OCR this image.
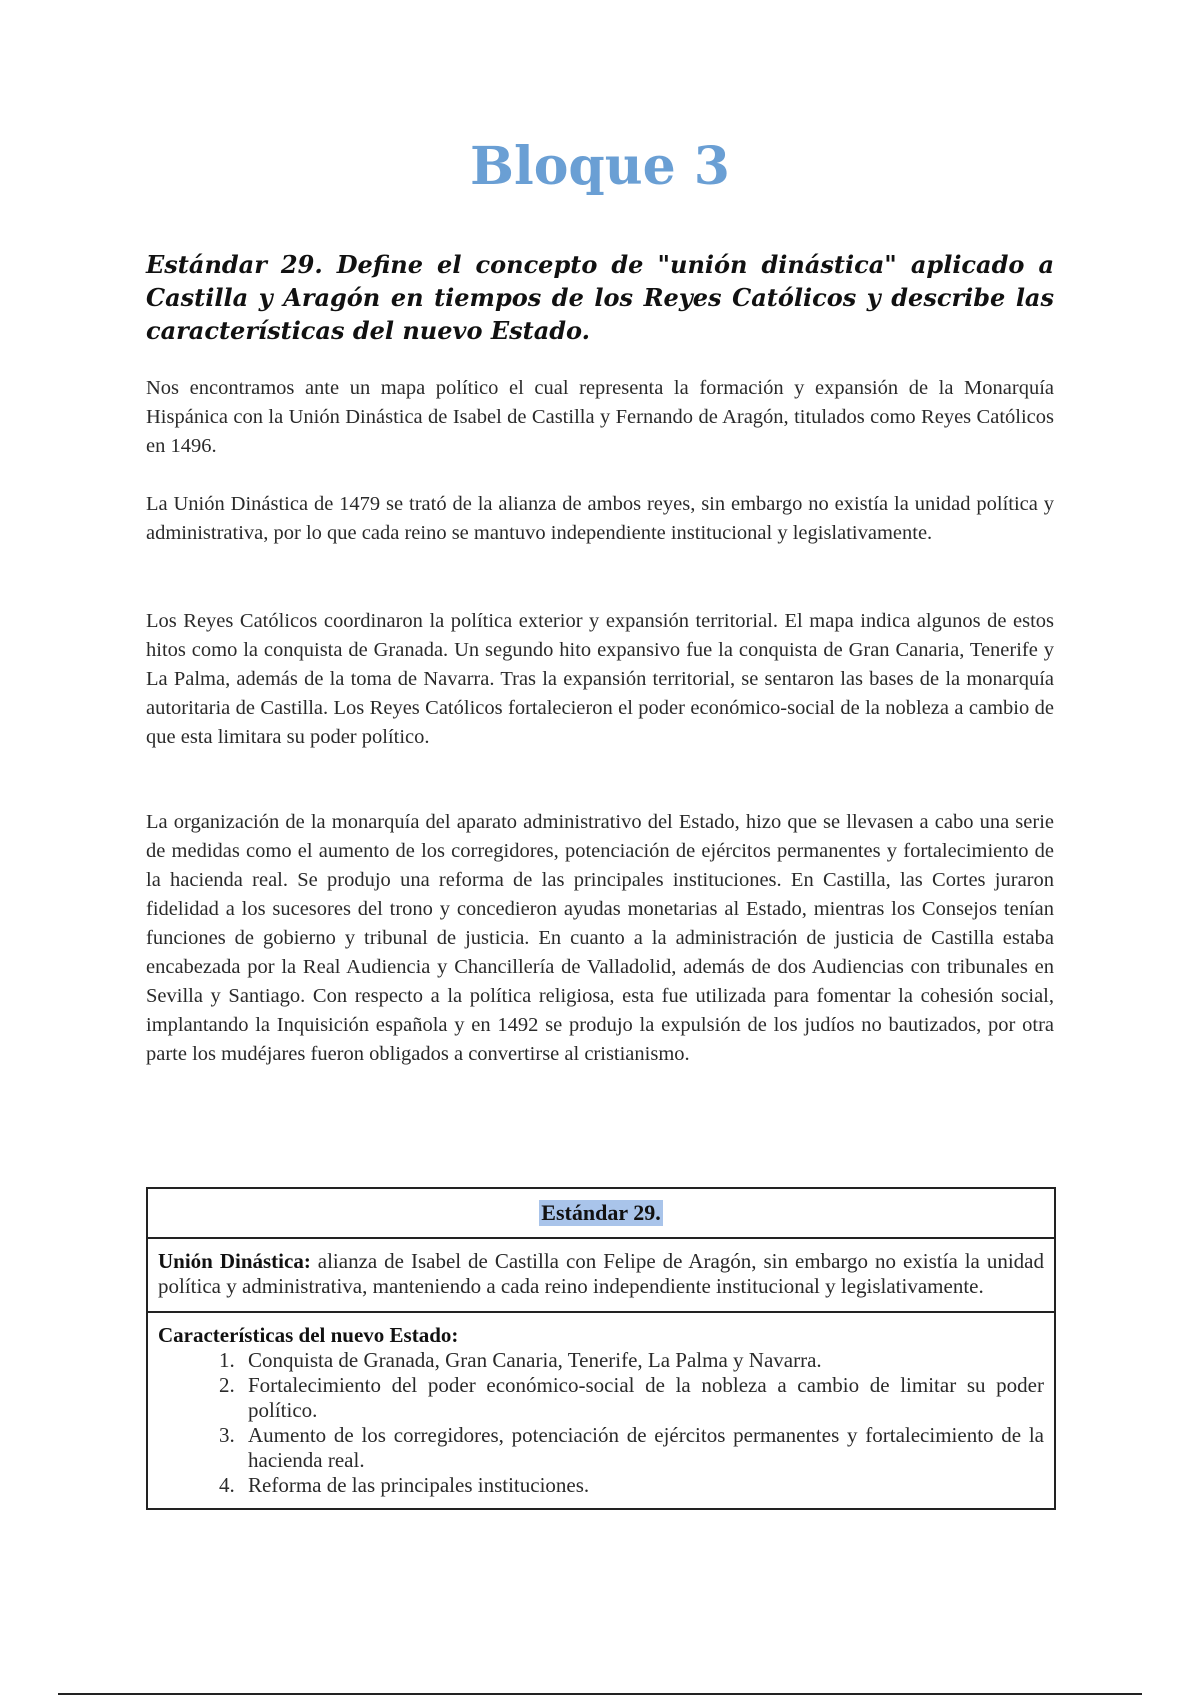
Bloque 3

Estándar 29. Define el concepto de "unión dinástica" aplicado a Castilla y Aragón en tiempos de los Reyes Católicos y describe las características del nuevo Estado.

Nos encontramos ante un mapa político el cual representa la formación y expansión de la Monarquía Hispánica con la Unión Dinástica de Isabel de Castilla y Fernando de Aragón, titulados como Reyes Católicos en 1496.

La Unión Dinástica de 1479 se trató de la alianza de ambos reyes, sin embargo no existía la unidad política y administrativa, por lo que cada reino se mantuvo independiente institucional y legislativamente.

Los Reyes Católicos coordinaron la política exterior y expansión territorial. El mapa indica algunos de estos hitos como la conquista de Granada. Un segundo hito expansivo fue la conquista de Gran Canaria, Tenerife y La Palma, además de la toma de Navarra. Tras la expansión territorial, se sentaron las bases de la monarquía autoritaria de Castilla. Los Reyes Católicos fortalecieron el poder económico-social de la nobleza a cambio de que esta limitara su poder político.

La organización de la monarquía del aparato administrativo del Estado, hizo que se llevasen a cabo una serie de medidas como el aumento de los corregidores, potenciación de ejércitos permanentes y fortalecimiento de la hacienda real. Se produjo una reforma de las principales instituciones. En Castilla, las Cortes juraron fidelidad a los sucesores del trono y concedieron ayudas monetarias al Estado, mientras los Consejos tenían funciones de gobierno y tribunal de justicia. En cuanto a la administración de justicia de Castilla estaba encabezada por la Real Audiencia y Chancillería de Valladolid, además de dos Audiencias con tribunales en Sevilla y Santiago. Con respecto a la política religiosa, esta fue utilizada para fomentar la cohesión social, implantando la Inquisición española y en 1492 se produjo la expulsión de los judíos no bautizados, por otra parte los mudéjares fueron obligados a convertirse al cristianismo.

Estándar 29.
Unión Dinástica: alianza de Isabel de Castilla con Felipe de Aragón, sin embargo no existía la unidad política y administrativa, manteniendo a cada reino independiente institucional y legislativamente.
Características del nuevo Estado:
1. Conquista de Granada, Gran Canaria, Tenerife, La Palma y Navarra.
2. Fortalecimiento del poder económico-social de la nobleza a cambio de limitar su poder político.
3. Aumento de los corregidores, potenciación de ejércitos permanentes y fortalecimiento de la hacienda real.
4. Reforma de las principales instituciones.
